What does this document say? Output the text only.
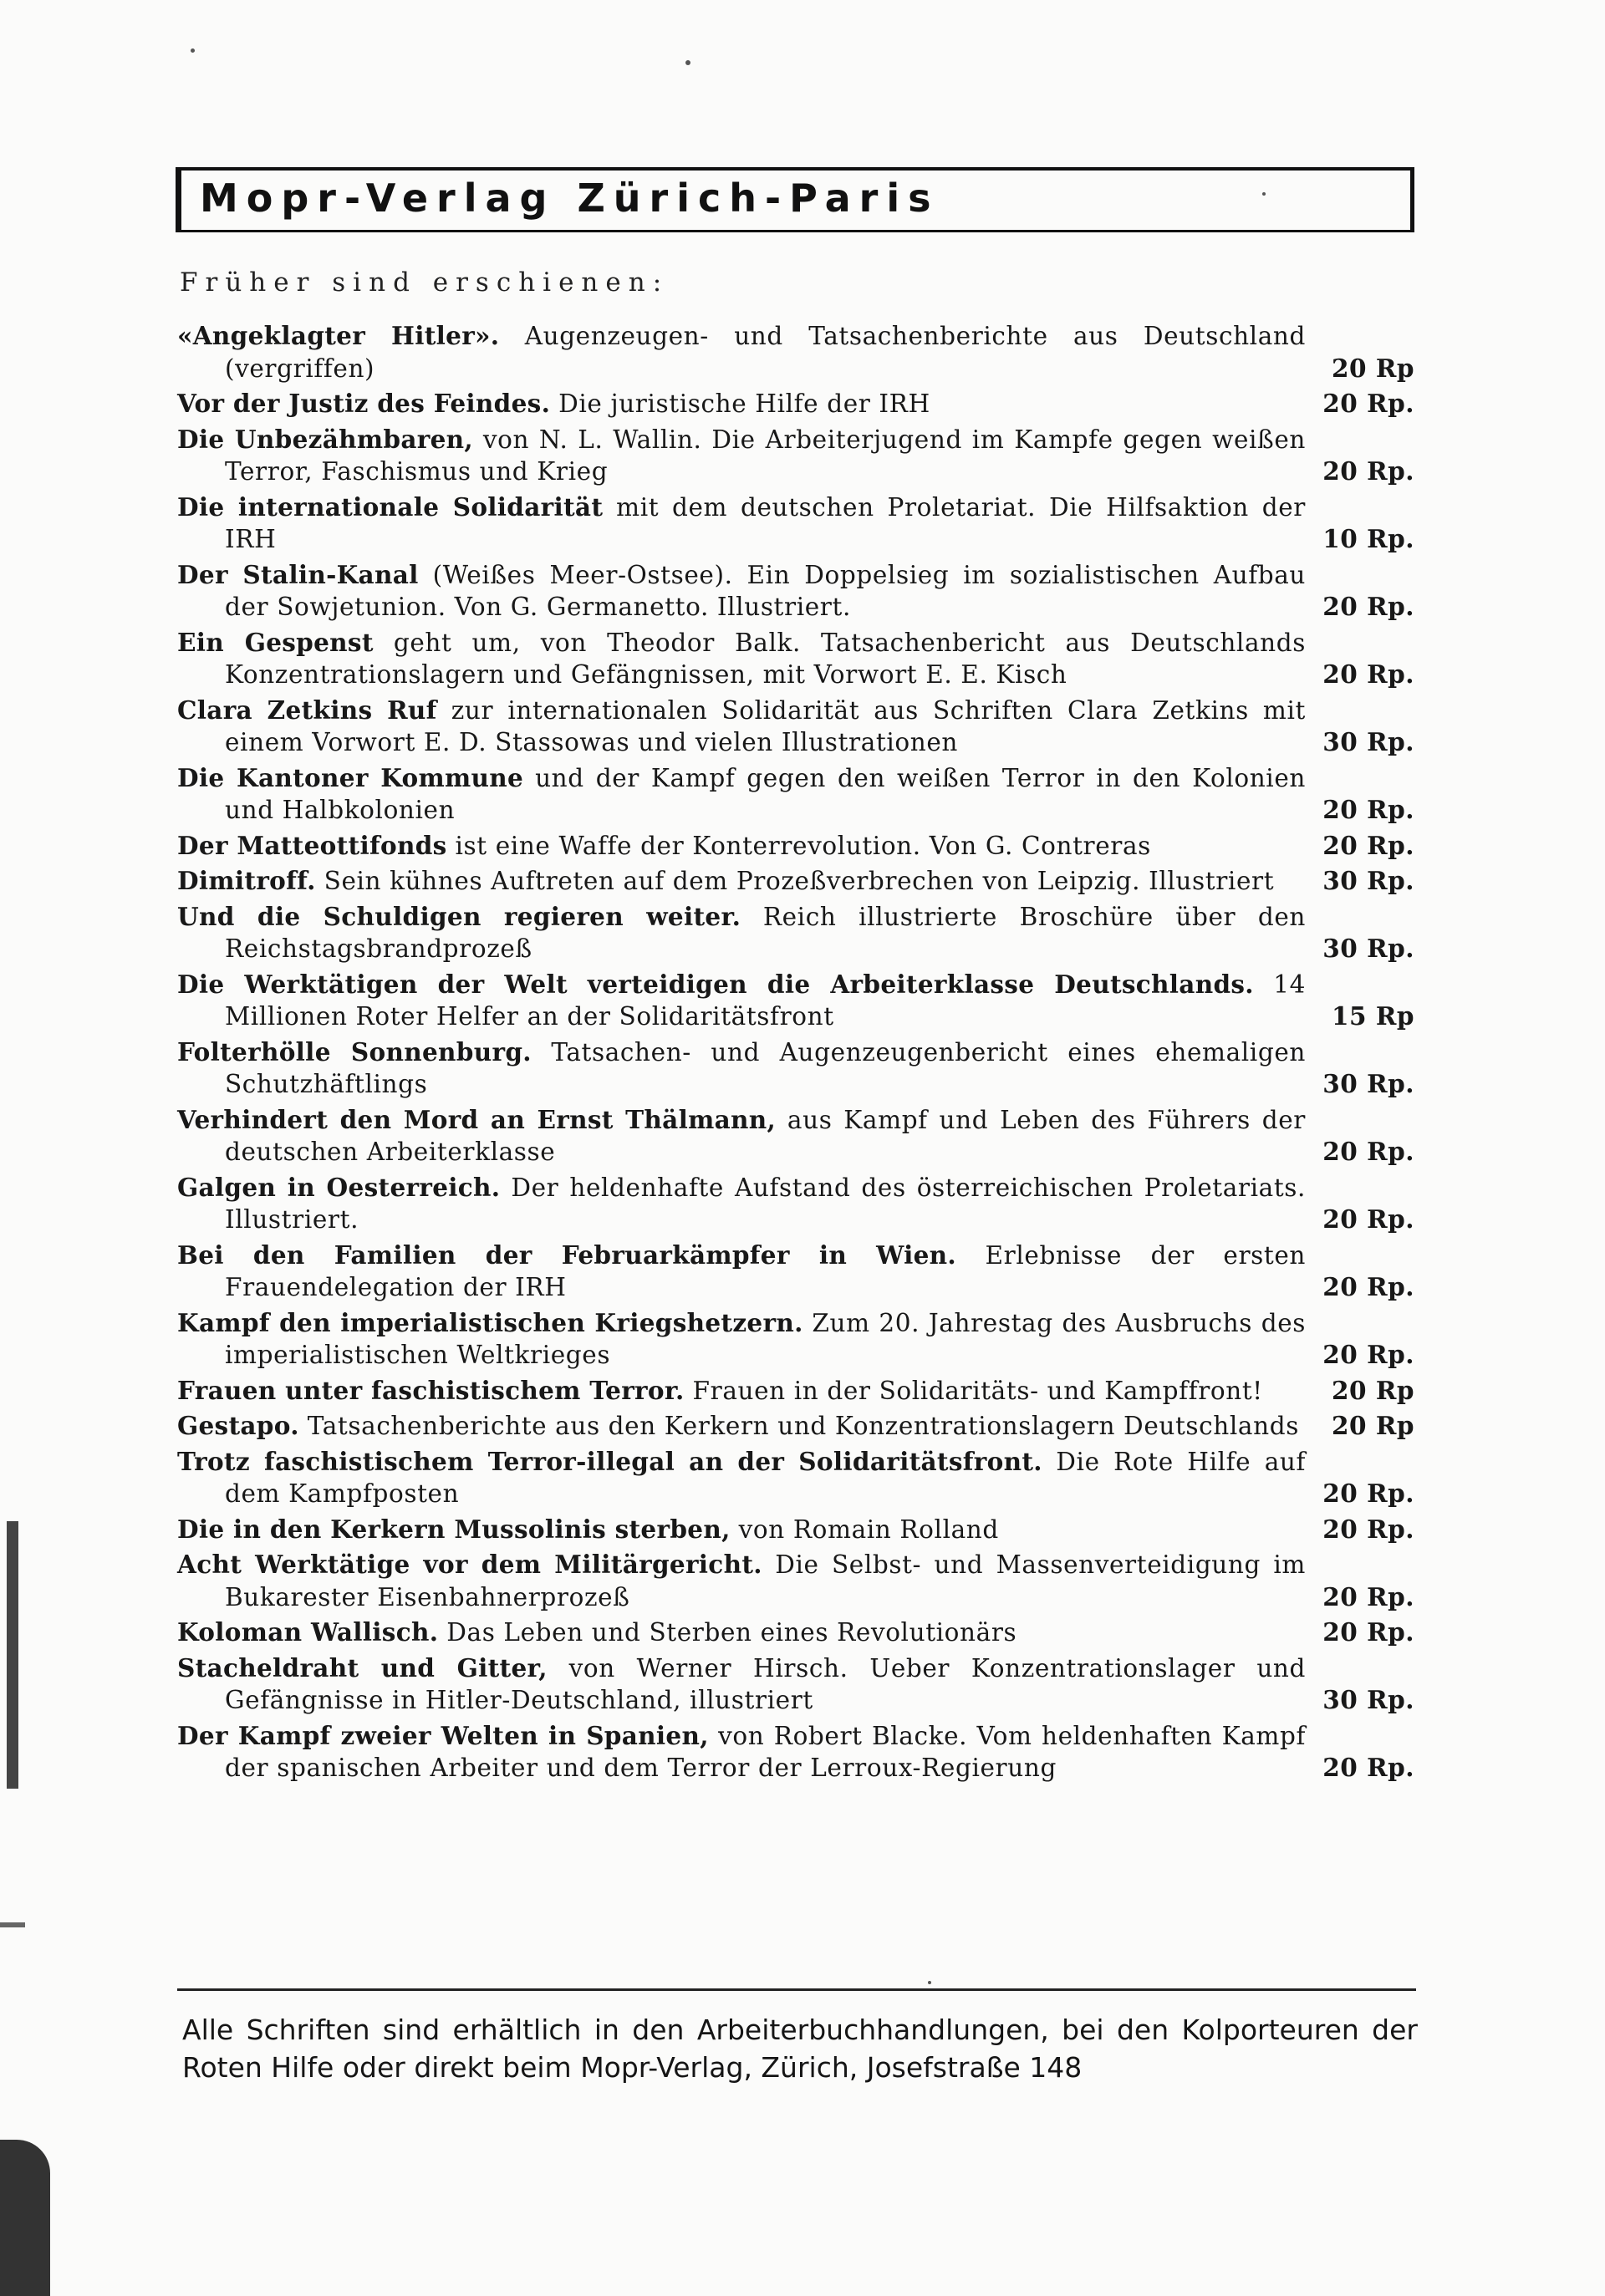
Mopr-Verlag Zürich-Paris
Früher sind erschienen:
«Angeklagter Hitler». Augenzeugen- und Tatsachenberichte aus Deutschland (vergriffen)	20 Rp
Vor der Justiz des Feindes. Die juristische Hilfe der IRH	20 Rp.
Die Unbezähmbaren, von N. L. Wallin. Die Arbeiterjugend im Kampfe gegen weißen Terror, Faschismus und Krieg	20 Rp.
Die internationale Solidarität mit dem deutschen Proletariat. Die Hilfsaktion der IRH	10 Rp.
Der Stalin-Kanal (Weißes Meer-Ostsee). Ein Doppelsieg im sozialistischen Aufbau der Sowjetunion. Von G. Germanetto. Illustriert.	20 Rp.
Ein Gespenst geht um, von Theodor Balk. Tatsachenbericht aus Deutschlands Konzentrationslagern und Gefängnissen, mit Vorwort E. E. Kisch	20 Rp.
Clara Zetkins Ruf zur internationalen Solidarität aus Schriften Clara Zetkins mit einem Vorwort E. D. Stassowas und vielen Illustrationen	30 Rp.
Die Kantoner Kommune und der Kampf gegen den weißen Terror in den Kolonien und Halbkolonien	20 Rp.
Der Matteottifonds ist eine Waffe der Konterrevolution. Von G. Contreras	20 Rp.
Dimitroff. Sein kühnes Auftreten auf dem Prozeßverbrechen von Leipzig. Illustriert	30 Rp.
Und die Schuldigen regieren weiter. Reich illustrierte Broschüre über den Reichstagsbrandprozeß	30 Rp.
Die Werktätigen der Welt verteidigen die Arbeiterklasse Deutschlands. 14 Millionen Roter Helfer an der Solidaritätsfront	15 Rp
Folterhölle Sonnenburg. Tatsachen- und Augenzeugenbericht eines ehemaligen Schutzhäftlings	30 Rp.
Verhindert den Mord an Ernst Thälmann, aus Kampf und Leben des Führers der deutschen Arbeiterklasse	20 Rp.
Galgen in Oesterreich. Der heldenhafte Aufstand des österreichischen Proletariats. Illustriert.	20 Rp.
Bei den Familien der Februarkämpfer in Wien. Erlebnisse der ersten Frauendelegation der IRH	20 Rp.
Kampf den imperialistischen Kriegshetzern. Zum 20. Jahrestag des Ausbruchs des imperialistischen Weltkrieges	20 Rp.
Frauen unter faschistischem Terror. Frauen in der Solidaritäts- und Kampffront!	20 Rp
Gestapo. Tatsachenberichte aus den Kerkern und Konzentrationslagern Deutschlands 20 Rp
Trotz faschistischem Terror-illegal an der Solidaritätsfront. Die Rote Hilfe auf dem Kampfposten	20 Rp.
Die in den Kerkern Mussolinis sterben, von Romain Rolland	20 Rp.
Acht Werktätige vor dem Militärgericht. Die Selbst- und Massenverteidigung im Bukarester Eisenbahnerprozeß	20 Rp.
Koloman Wallisch. Das Leben und Sterben eines Revolutionärs	20 Rp.
Stacheldraht und Gitter, von Werner Hirsch. Ueber Konzentrationslager und Gefängnisse in Hitler-Deutschland, illustriert	30 Rp.
Der Kampf zweier Welten in Spanien, von Robert Blacke. Vom heldenhaften Kampf der spanischen Arbeiter und dem Terror der Lerroux-Regierung	20 Rp.
Alle Schriften sind erhältlich in den Arbeiterbuchhandlungen, bei den Kolporteuren der Roten Hilfe oder direkt beim Mopr-Verlag, Zürich, Josefstraße 148
